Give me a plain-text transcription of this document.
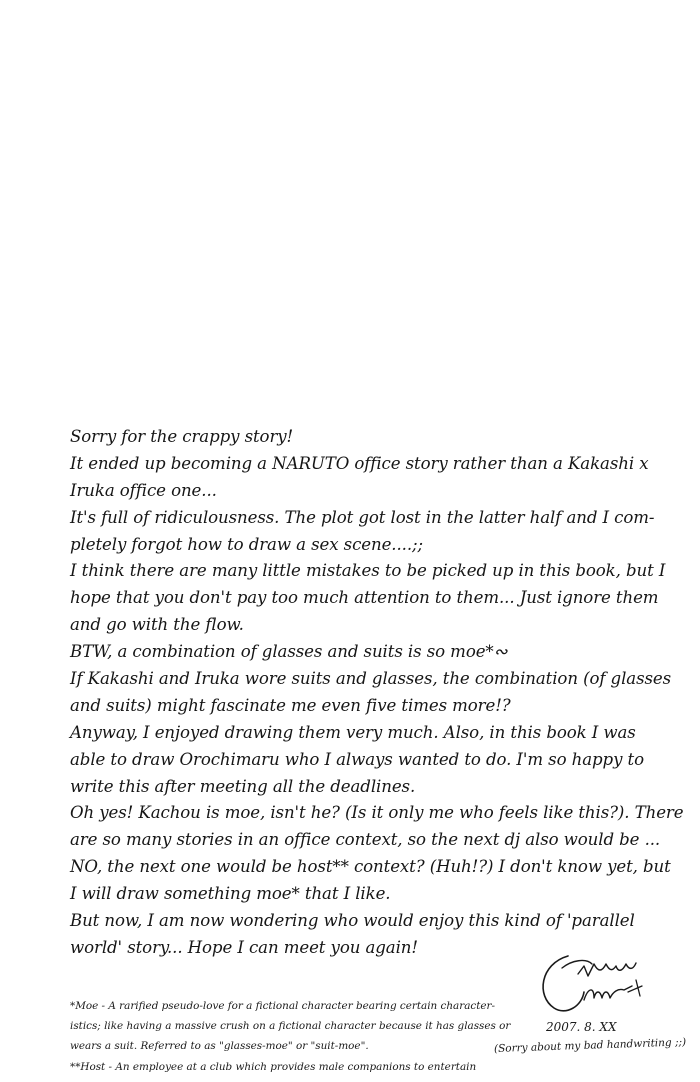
Sorry for the crappy story!
It ended up becoming a NARUTO office story rather than a Kakashi x
Iruka office one...
It's full of ridiculousness. The plot got lost in the latter half and I com-
pletely forgot how to draw a sex scene....;;
I think there are many little mistakes to be picked up in this book, but I
hope that you don't pay too much attention to them... Just ignore them
and go with the flow.
BTW, a combination of glasses and suits is so moe*∾
If Kakashi and Iruka wore suits and glasses, the combination (of glasses
and suits) might fascinate me even five times more!?
Anyway, I enjoyed drawing them very much. Also, in this book I was
able to draw Orochimaru who I always wanted to do. I'm so happy to
write this after meeting all the deadlines.
Oh yes! Kachou is moe, isn't he? (Is it only me who feels like this?). There
are so many stories in an office context, so the next dj also would be ...
NO, the next one would be host** context? (Huh!?) I don't know yet, but
I will draw something moe* that I like.
But now, I am now wondering who would enjoy this kind of 'parallel
world' story... Hope I can meet you again!
*Moe - A rarified pseudo-love for a fictional character bearing certain character-
istics; like having a massive crush on a fictional character because it has glasses or
wears a suit. Referred to as "glasses-moe" or "suit-moe".
**Host - An employee at a club which provides male companions to entertain
2007. 8. XX
(Sorry about my bad handwriting ;;)
